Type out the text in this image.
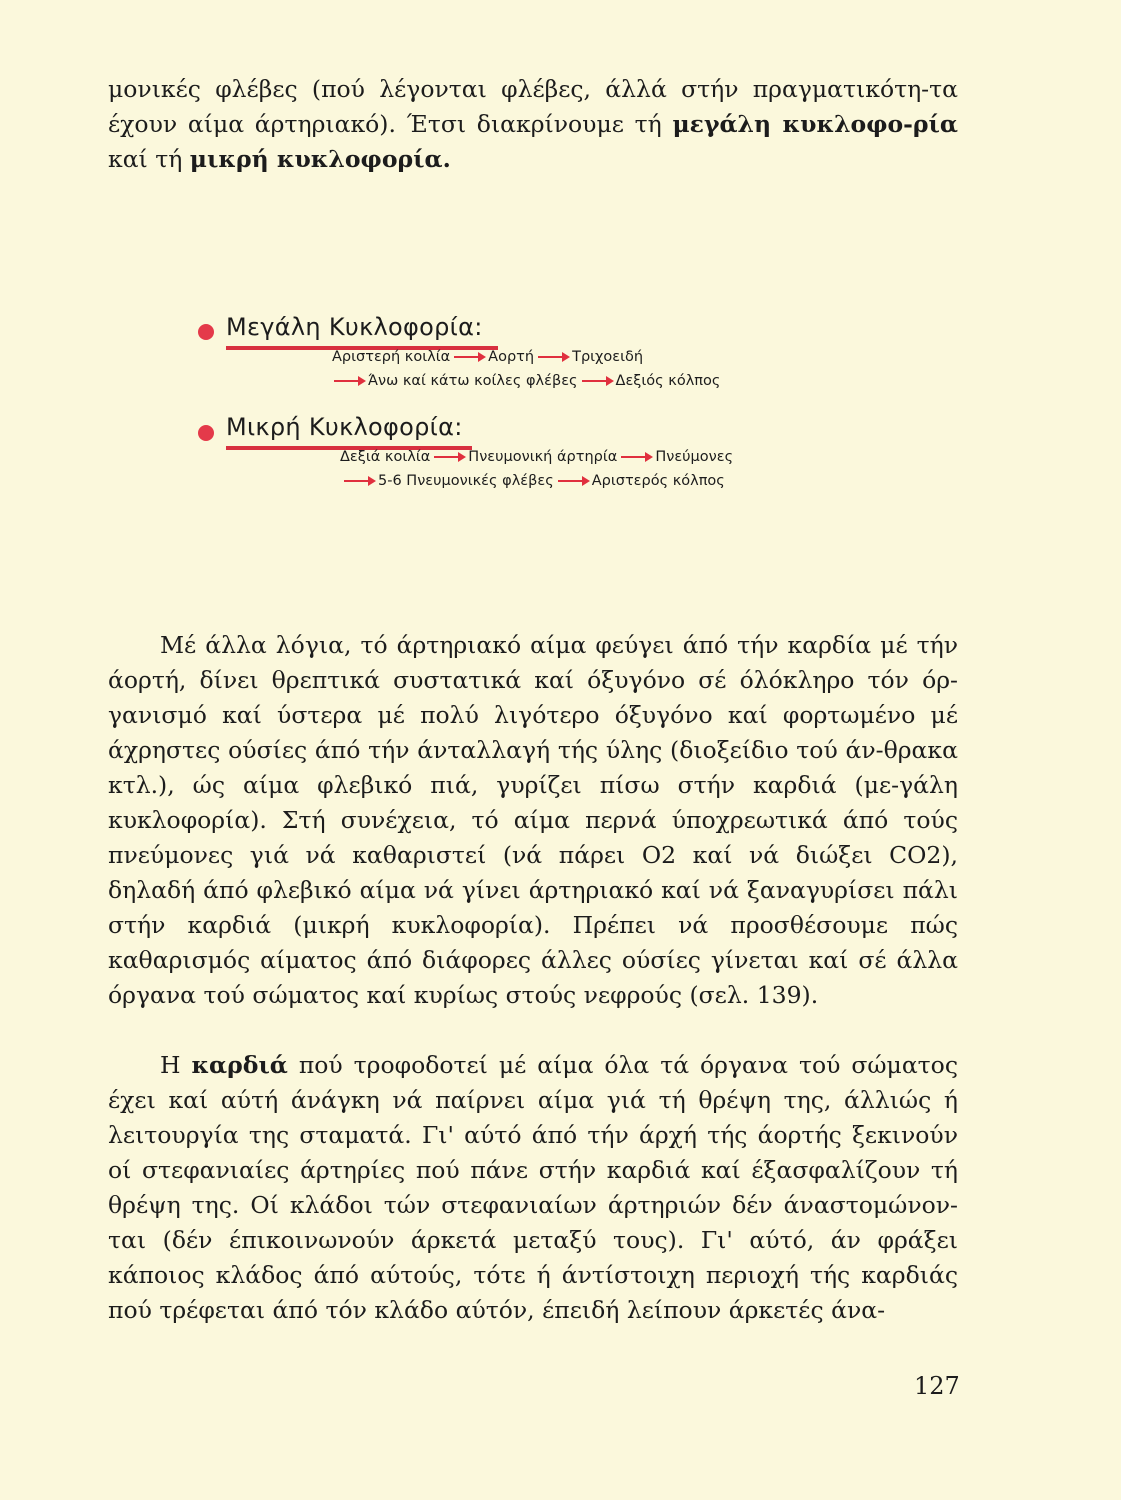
μονικές φλέβες (πού λέγονται φλέβες, άλλά στήν πραγματικότη-τα έχουν αίμα άρτηριακό). Έτσι διακρίνουμε τή μεγάλη κυκλοφο-ρία καί τή μικρή κυκλοφορία.
Μεγάλη Κυκλοφορία:
Αριστερή κοιλία	Αορτή	Τριχοειδή
Άνω καί κάτω κοίλες φλέβες	Δεξιός κόλπος
Μικρή Κυκλοφορία:
Δεξιά κοιλία	Πνευμονική άρτηρία	Πνεύμονες
5-6 Πνευμονικές φλέβες	Αριστερός κόλπος
Μέ άλλα λόγια, τό άρτηριακό αίμα φεύγει άπό τήν καρδία μέ τήν άορτή, δίνει θρεπτικά συστατικά καί όξυγόνο σέ όλόκληρο τόν όρ-γανισμό καί ύστερα μέ πολύ λιγότερο όξυγόνο καί φορτωμένο μέ άχρηστες ούσίες άπό τήν άνταλλαγή τής ύλης (διοξείδιο τού άν-θρακα κτλ.), ώς αίμα φλεβικό πιά, γυρίζει πίσω στήν καρδιά (με-γάλη κυκλοφορία). Στή συνέχεια, τό αίμα περνά ύποχρεωτικά άπό τούς πνεύμονες γιά νά καθαριστεί (νά πάρει O2 καί νά διώξει CO2), δηλαδή άπό φλεβικό αίμα νά γίνει άρτηριακό καί νά ξαναγυρίσει πάλι στήν καρδιά (μικρή κυκλοφορία). Πρέπει νά προσθέσουμε πώς καθαρισμός αίματος άπό διάφορες άλλες ούσίες γίνεται καί σέ άλλα όργανα τού σώματος καί κυρίως στούς νεφρούς (σελ. 139).
Η καρδιά πού τροφοδοτεί μέ αίμα όλα τά όργανα τού σώματος έχει καί αύτή άνάγκη νά παίρνει αίμα γιά τή θρέψη της, άλλιώς ή λειτουργία της σταματά. Γι' αύτό άπό τήν άρχή τής άορτής ξεκινούν οί στεφανιαίες άρτηρίες πού πάνε στήν καρδιά καί έξασφαλίζουν τή θρέψη της. Οί κλάδοι τών στεφανιαίων άρτηριών δέν άναστομώνον-ται (δέν έπικοινωνούν άρκετά μεταξύ τους). Γι' αύτό, άν φράξει κάποιος κλάδος άπό αύτούς, τότε ή άντίστοιχη περιοχή τής καρδιάς πού τρέφεται άπό τόν κλάδο αύτόν, έπειδή λείπουν άρκετές άνα-
127
